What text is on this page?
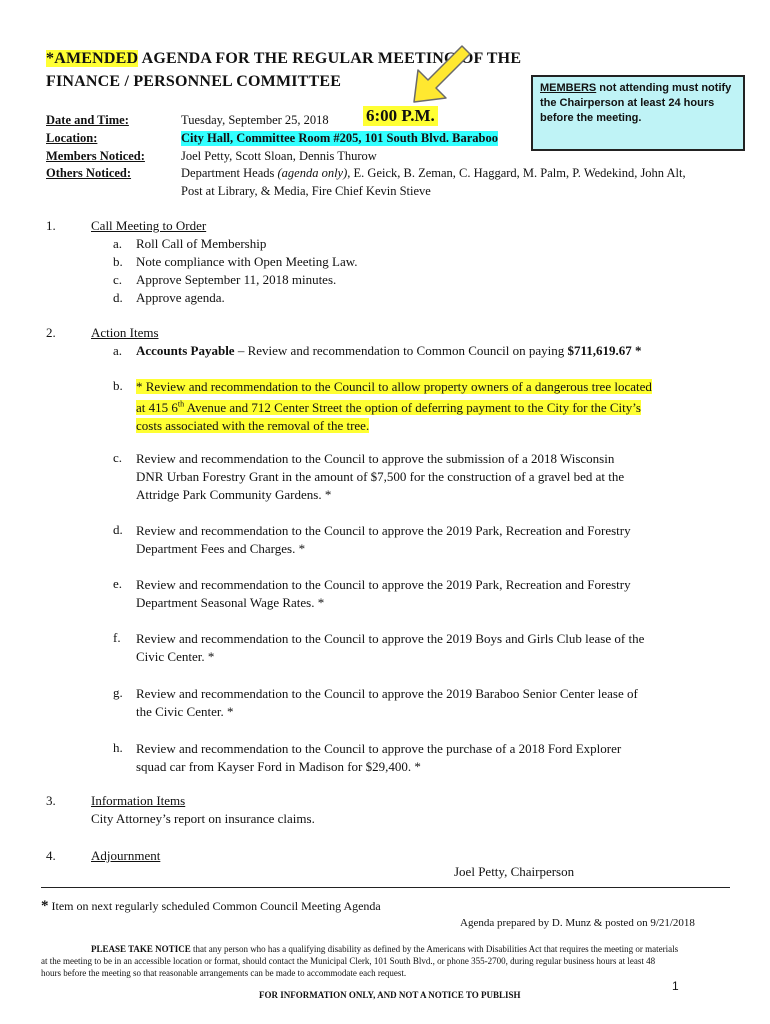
*AMENDED AGENDA FOR THE REGULAR MEETING OF THE
FINANCE / PERSONNEL COMMITTEE	MEMBERS not attending must notify the Chairperson at least 24 hours before the meeting.
Date and Time:	Tuesday, September 25, 2018 6:00 P.M.
Location:	City Hall, Committee Room #205, 101 South Blvd. Baraboo
Members Noticed:	Joel Petty, Scott Sloan, Dennis Thurow
Others Noticed:	Department Heads (agenda only), E. Geick, B. Zeman, C. Haggard, M. Palm, P. Wedekind, John Alt,
Post at Library, & Media, Fire Chief Kevin Stieve
1.	Call Meeting to Order
a. Roll Call of Membership
b. Note compliance with Open Meeting Law.
c. Approve September 11, 2018 minutes.
d. Approve agenda.
2.	Action Items
a. Accounts Payable – Review and recommendation to Common Council on paying $711,619.67 *
b. * Review and recommendation to the Council to allow property owners of a dangerous tree located
at 415 6th Avenue and 712 Center Street the option of deferring payment to the City for the City’s
costs associated with the removal of the tree.
c. Review and recommendation to the Council to approve the submission of a 2018 Wisconsin
DNR Urban Forestry Grant in the amount of $7,500 for the construction of a gravel bed at the
Attridge Park Community Gardens. *
d. Review and recommendation to the Council to approve the 2019 Park, Recreation and Forestry
Department Fees and Charges. *
e. Review and recommendation to the Council to approve the 2019 Park, Recreation and Forestry
Department Seasonal Wage Rates. *
f. Review and recommendation to the Council to approve the 2019 Boys and Girls Club lease of the
Civic Center. *
g. Review and recommendation to the Council to approve the 2019 Baraboo Senior Center lease of
the Civic Center. *
h. Review and recommendation to the Council to approve the purchase of a 2018 Ford Explorer
squad car from Kayser Ford in Madison for $29,400. *
3.	Information Items
City Attorney’s report on insurance claims.
4.	Adjournment
Joel Petty, Chairperson
* Item on next regularly scheduled Common Council Meeting Agenda
Agenda prepared by D. Munz & posted on 9/21/2018
PLEASE TAKE NOTICE that any person who has a qualifying disability as defined by the Americans with Disabilities Act that requires the meeting or materials
at the meeting to be in an accessible location or format, should contact the Municipal Clerk, 101 South Blvd., or phone 355-2700, during regular business hours at least 48
hours before the meeting so that reasonable arrangements can be made to accommodate each request.
1
FOR INFORMATION ONLY, AND NOT A NOTICE TO PUBLISH
